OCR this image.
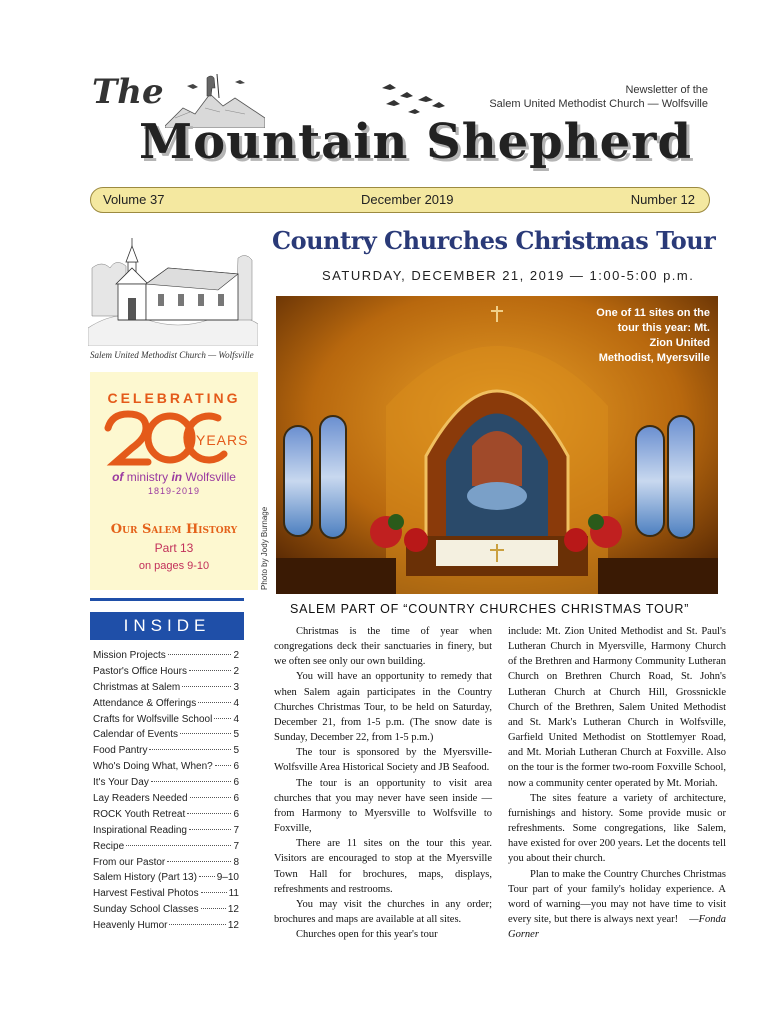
The	Newsletter of the
Salem United Methodist Church — Wolfsville
Mountain Shepherd
Volume 37	December 2019	Number 12
Salem United Methodist Church — Wolfsville
Country Churches Christmas Tour
SATURDAY, DECEMBER 21, 2019 — 1:00-5:00 p.m.
One of 11 sites on the tour this year: Mt. Zion United Methodist, Myersville
Photo by Jody Burnage
CELEBRATING
YEARS
of ministry in Wolfsville
1819-2019
Our Salem History
Part 13
on pages 9-10
INSIDE
Mission Projects	2
Pastor's Office Hours	2
Christmas at Salem	3
Attendance & Offerings	4
Crafts for Wolfsville School 4
Calendar of Events	5
Food Pantry	5
Who's Doing What, When? 6
It's Your Day	6
Lay Readers Needed	6
ROCK Youth Retreat	6
Inspirational Reading	7
Recipe	7
From our Pastor	8
Salem History (Part 13) 9–10
Harvest Festival Photos	11
Sunday School Classes	12
Heavenly Humor	12
SALEM PART OF “COUNTRY CHURCHES CHRISTMAS TOUR”

Christmas is the time of year when congregations deck their sanctuaries in finery, but we often see only our own building.

You will have an opportunity to remedy that when Salem again participates in the Country Churches Christmas Tour, to be held on Saturday, December 21, from 1-5 p.m. (The snow date is Sunday, December 22, from 1-5 p.m.)

The tour is sponsored by the Myersville-Wolfsville Area Historical Society and JB Seafood.

The tour is an opportunity to visit area churches that you may never have seen inside — from Harmony to Myersville to Wolfsville to Foxville,

There are 11 sites on the tour this year. Visitors are encouraged to stop at the Myersville Town Hall for brochures, maps, displays, refreshments and restrooms.

You may visit the churches in any order; brochures and maps are available at all sites.

Churches open for this year's tour

include: Mt. Zion United Methodist and St. Paul's Lutheran Church in Myersville, Harmony Church of the Brethren and Harmony Community Lutheran Church on Brethren Church Road, St. John's Lutheran Church at Church Hill, Grossnickle Church of the Brethren, Salem United Methodist and St. Mark's Lutheran Church in Wolfsville, Garfield United Methodist on Stottlemyer Road, and Mt. Moriah Lutheran Church at Foxville. Also on the tour is the former two-room Foxville School, now a community center operated by Mt. Moriah.

The sites feature a variety of architecture, furnishings and history. Some provide music or refreshments. Some congregations, like Salem, have existed for over 200 years. Let the docents tell you about their church.

Plan to make the Country Churches Christmas Tour part of your family's holiday experience. A word of warning—you may not have time to visit every site, but there is always next year! —Fonda Gorner
